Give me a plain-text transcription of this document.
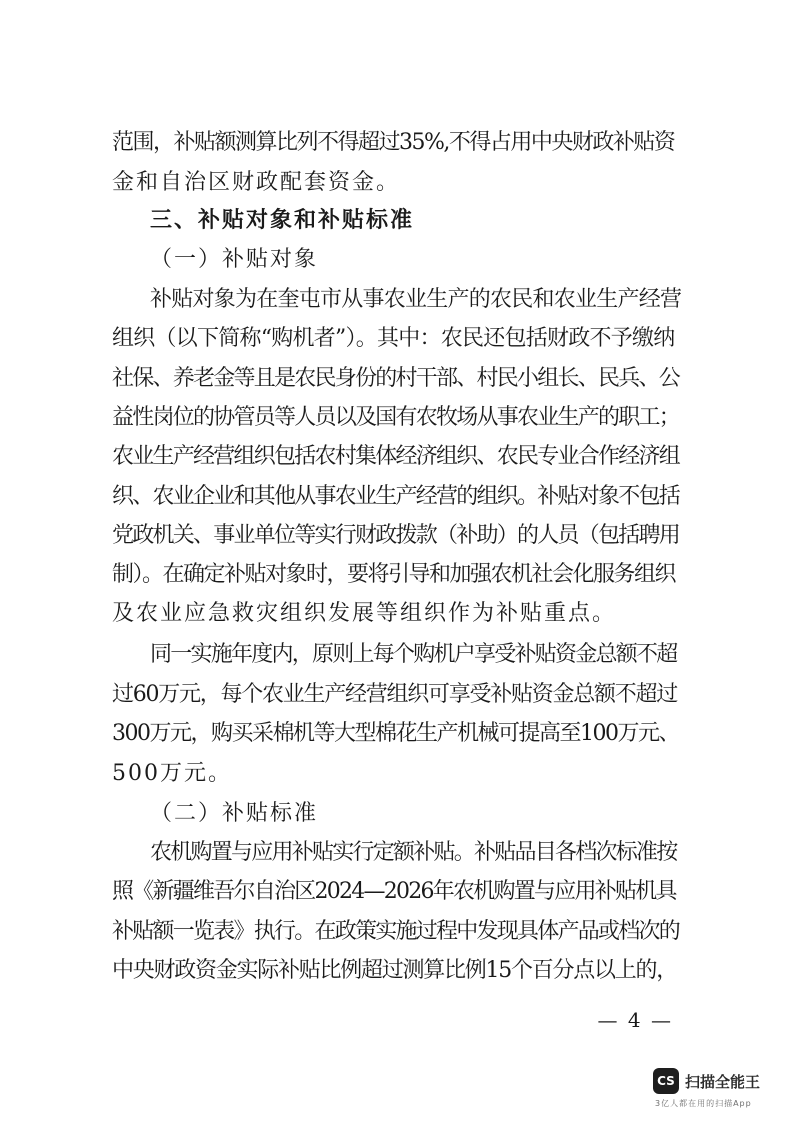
范围，补贴额测算比列不得超过35%,不得占用中央财政补贴资
金和自治区财政配套资金。
三、补贴对象和补贴标准
（一）补贴对象
补贴对象为在奎屯市从事农业生产的农民和农业生产经营
组织（以下简称“购机者”）。其中：农民还包括财政不予缴纳
社保、养老金等且是农民身份的村干部、村民小组长、民兵、公
益性岗位的协管员等人员以及国有农牧场从事农业生产的职工；
农业生产经营组织包括农村集体经济组织、农民专业合作经济组
织、农业企业和其他从事农业生产经营的组织。补贴对象不包括
党政机关、事业单位等实行财政拨款（补助）的人员（包括聘用
制）。在确定补贴对象时，要将引导和加强农机社会化服务组织
及农业应急救灾组织发展等组织作为补贴重点。
同一实施年度内，原则上每个购机户享受补贴资金总额不超
过60万元，每个农业生产经营组织可享受补贴资金总额不超过
300万元，购买采棉机等大型棉花生产机械可提高至100万元、
500万元。
（二）补贴标准
农机购置与应用补贴实行定额补贴。补贴品目各档次标准按
照《新疆维吾尔自治区2024—2026年农机购置与应用补贴机具
补贴额一览表》执行。在政策实施过程中发现具体产品或档次的
中央财政资金实际补贴比例超过测算比例15个百分点以上的，
— 4 —
CS 扫描全能王
3亿人都在用的扫描App
